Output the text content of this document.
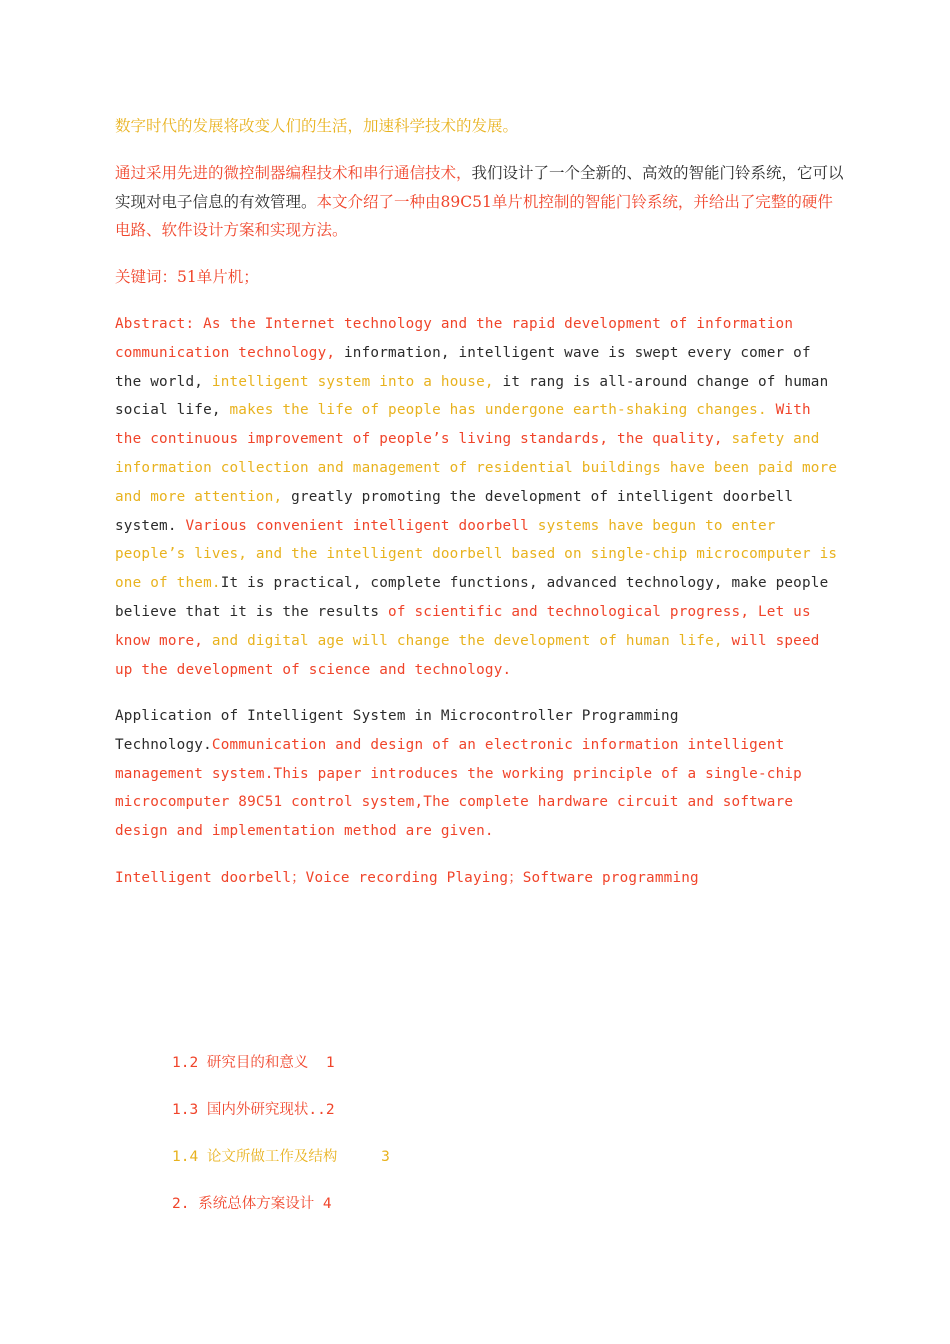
数字时代的发展将改变人们的生活，加速科学技术的发展。

通过采用先进的微控制器编程技术和串行通信技术，我们设计了一个全新的、高效的智能门铃系统，它可以实现对电子信息的有效管理。本文介绍了一种由89C51单片机控制的智能门铃系统，并给出了完整的硬件电路、软件设计方案和实现方法。

关键词：51单片机；

Abstract: As the Internet technology and the rapid development of information communication technology, information, intelligent wave is swept every comer of the world, intelligent system into a house, it rang is all-around change of human social life, makes the life of people has undergone earth-shaking changes. With the continuous improvement of people’s living standards, the quality, safety and information collection and management of residential buildings have been paid more and more attention, greatly promoting the development of intelligent doorbell system. Various convenient intelligent doorbell systems have begun to enter people’s lives, and the intelligent doorbell based on single-chip microcomputer is one of them.It is practical, complete functions, advanced technology, make people believe that it is the results of scientific and technological progress, Let us know more, and digital age will change the development of human life, will speed up the development of science and technology.

Application of Intelligent System in Microcontroller Programming Technology.Communication and design of an electronic information intelligent management system.This paper introduces the working principle of a single-chip microcomputer 89C51 control system,The complete hardware circuit and software design and implementation method are given.

Intelligent doorbell；Voice recording Playing；Software programming

1.2 研究目的和意义  1

1.3 国内外研究现状..2

1.4 论文所做工作及结构     3

2. 系统总体方案设计 4
